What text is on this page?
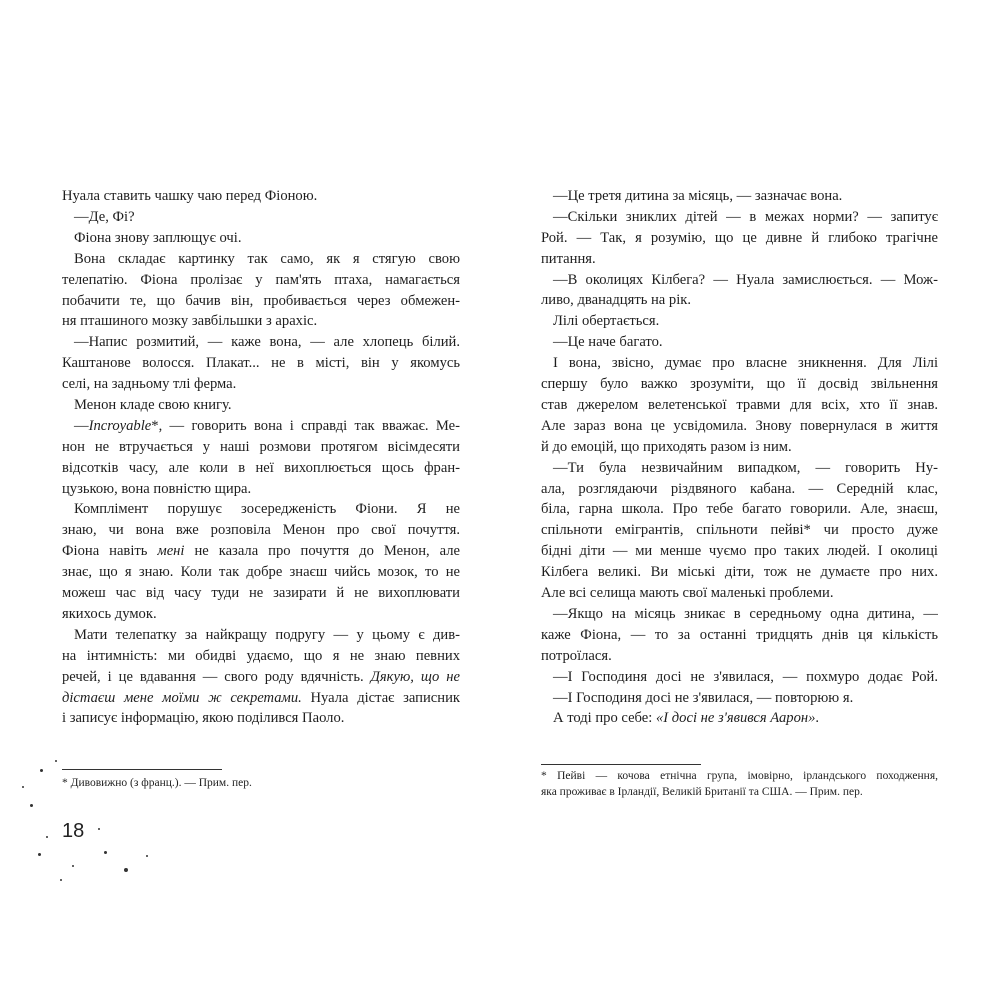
Нуала ставить чашку чаю перед Фіоною.
—Де, Фі?
Фіона знову заплющує очі.
Вона складає картинку так само, як я стягую свою
телепатію. Фіона пролізає у пам'ять птаха, намагається
побачити те, що бачив він, пробивається через обмежен-
ня пташиного мозку завбільшки з арахіс.
—Напис розмитий, — каже вона, — але хлопець білий.
Каштанове волосся. Плакат... не в місті, він у якомусь
селі, на задньому тлі ферма.
Менон кладе свою книгу.
—Incroyable*, — говорить вона і справді так вважає. Ме-
нон не втручається у наші розмови протягом вісімдесяти
відсотків часу, але коли в неї вихоплюється щось фран-
цузькою, вона повністю щира.
Комплімент порушує зосередженість Фіони. Я не
знаю, чи вона вже розповіла Менон про свої почуття.
Фіона навіть мені не казала про почуття до Менон, але
знає, що я знаю. Коли так добре знаєш чийсь мозок, то не
можеш час від часу туди не зазирати й не вихоплювати
якихось думок.
Мати телепатку за найкращу подругу — у цьому є див-
на інтимність: ми обидві удаємо, що я не знаю певних
речей, і це вдавання — свого роду вдячність. Дякую, що не
дістаєш мене моїми ж секретами. Нуала дістає записник
і записує інформацію, якою поділився Паоло.
* Дивовижно (з франц.). — Прим. пер.
18
—Це третя дитина за місяць, — зазначає вона.
—Скільки зниклих дітей — в межах норми? — запитує
Рой. — Так, я розумію, що це дивне й глибоко трагічне
питання.
—В околицях Кілбега? — Нуала замислюється. — Мож-
ливо, дванадцять на рік.
Лілі обертається.
—Це наче багато.
І вона, звісно, думає про власне зникнення. Для Лілі
спершу було важко зрозуміти, що її досвід звільнення
став джерелом велетенської травми для всіх, хто її знав.
Але зараз вона це усвідомила. Знову повернулася в життя
й до емоцій, що приходять разом із ним.
—Ти була незвичайним випадком, — говорить Ну-
ала, розглядаючи різдвяного кабана. — Середній клас,
біла, гарна школа. Про тебе багато говорили. Але, знаєш,
спільноти емігрантів, спільноти пейві* чи просто дуже
бідні діти — ми менше чуємо про таких людей. І околиці
Кілбега великі. Ви міські діти, тож не думаєте про них.
Але всі селища мають свої маленькі проблеми.
—Якщо на місяць зникає в середньому одна дитина, —
каже Фіона, — то за останні тридцять днів ця кількість
потроїлася.
—І Господиня досі не з'явилася, — похмуро додає Рой.
—І Господиня досі не з'явилася, — повторюю я.
А тоді про себе: «І досі не з'явився Аарон».
* Пейві — кочова етнічна група, імовірно, ірландського походження,
яка проживає в Ірландії, Великій Британії та США. — Прим. пер.
